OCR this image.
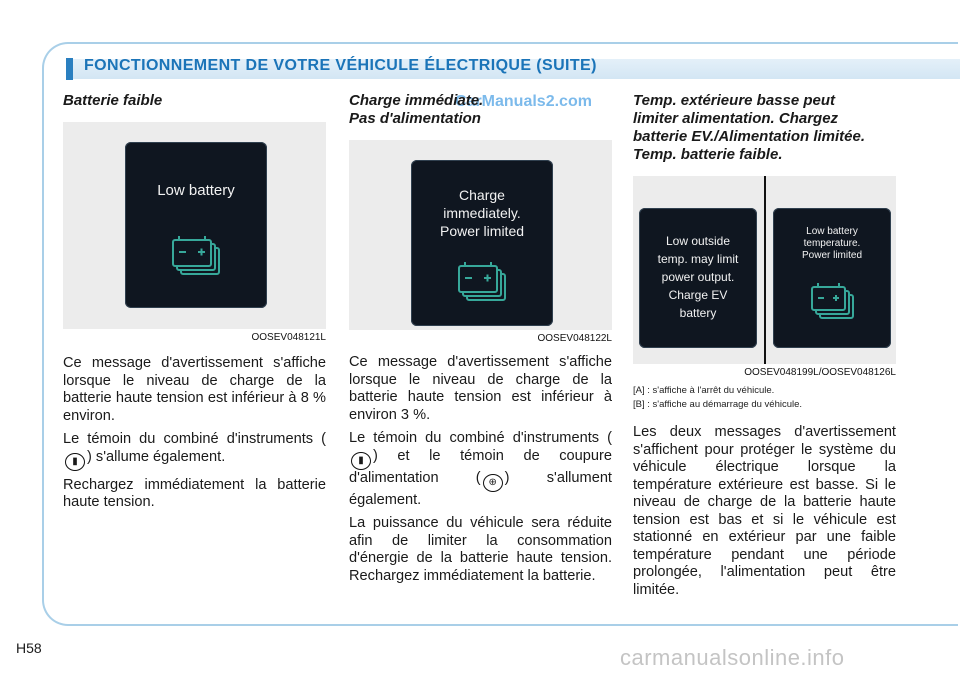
FONCTIONNEMENT DE VOTRE VÉHICULE ÉLECTRIQUE (SUITE)
CarManuals2.com

Batterie faible

Low battery
OOSEV048121L

Ce message d'avertissement s'affiche lorsque le niveau de charge de la batterie haute tension est inférieur à 8 % environ.

Le témoin du combiné d'instruments (▮ ) s'allume également.

Rechargez immédiatement la batterie haute tension.

Charge immédiate.
Pas d'alimentation

Charge
immediately.
Power limited
OOSEV048122L

Ce message d'avertissement s'affiche lorsque le niveau de charge de la batterie haute tension est inférieur à environ 3 %.

Le témoin du combiné d'instruments (▮ ) et le témoin de coupure d'alimentation ( ⊕ ) s'allument également.

La puissance du véhicule sera réduite afin de limiter la consommation d'énergie de la batterie haute tension. Rechargez immédiatement la batterie.

Temp. extérieure basse peut
limiter alimentation. Chargez
batterie EV./Alimentation limitée.
Temp. batterie faible.

Low outside
temp. may limit
power output.
Charge EV
battery
Low battery
temperature.
Power limited
OOSEV048199L/OOSEV048126L

[A] : s'affiche à l'arrêt du véhicule.

[B] : s'affiche au démarrage du véhicule.

Les deux messages d'avertissement s'affichent pour protéger le système du véhicule électrique lorsque la température extérieure est basse. Si le niveau de charge de la batterie haute tension est bas et si le véhicule est stationné en extérieur par une faible température pendant une période prolongée, l'alimentation peut être limitée.

H58	carmanualsonline.info
